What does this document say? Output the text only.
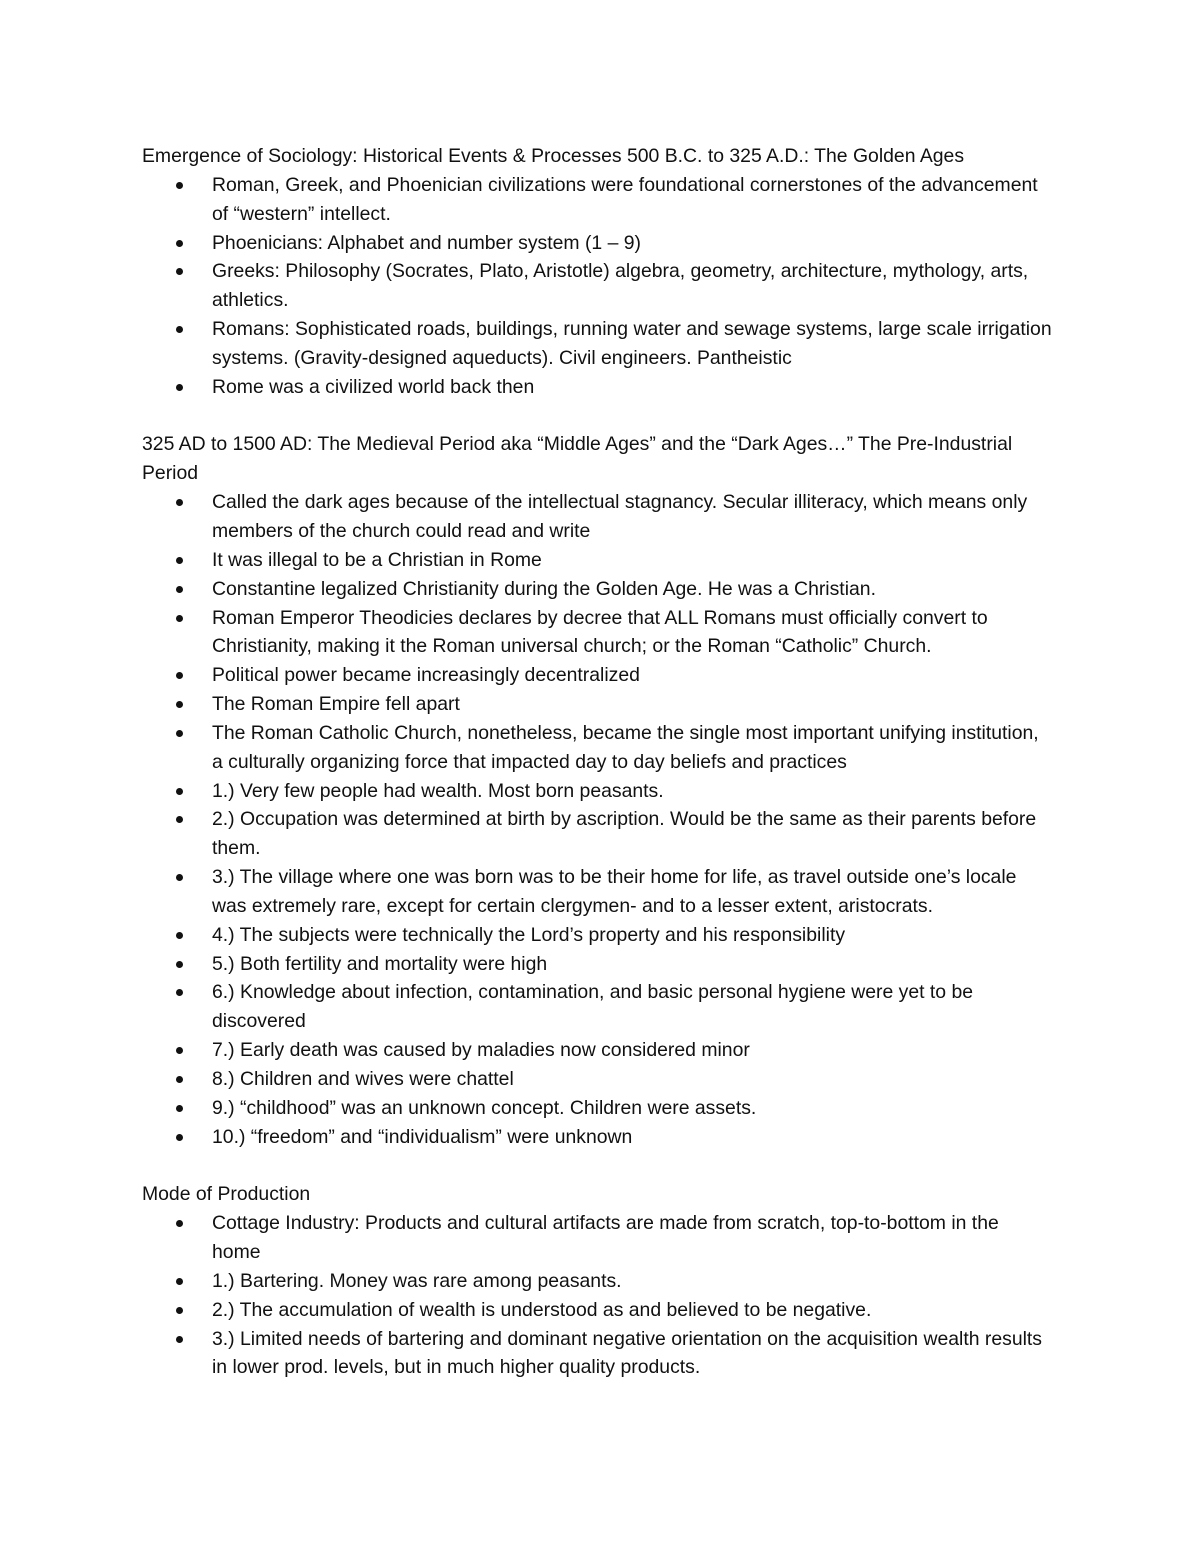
Emergence of Sociology: Historical Events & Processes 500 B.C. to 325 A.D.: The Golden Ages

Roman, Greek, and Phoenician civilizations were foundational cornerstones of the advancement of “western” intellect.
Phoenicians: Alphabet and number system (1 – 9)
Greeks: Philosophy (Socrates, Plato, Aristotle) algebra, geometry, architecture, mythology, arts, athletics.
Romans: Sophisticated roads, buildings, running water and sewage systems, large scale irrigation systems. (Gravity-designed aqueducts). Civil engineers. Pantheistic
Rome was a civilized world back then

325 AD to 1500 AD: The Medieval Period aka “Middle Ages” and the “Dark Ages…” The Pre-Industrial Period

Called the dark ages because of the intellectual stagnancy. Secular illiteracy, which means only members of the church could read and write
It was illegal to be a Christian in Rome
Constantine legalized Christianity during the Golden Age. He was a Christian.
Roman Emperor Theodicies declares by decree that ALL Romans must officially convert to Christianity, making it the Roman universal church; or the Roman “Catholic” Church.
Political power became increasingly decentralized
The Roman Empire fell apart
The Roman Catholic Church, nonetheless, became the single most important unifying institution, a culturally organizing force that impacted day to day beliefs and practices
1.) Very few people had wealth. Most born peasants.
2.) Occupation was determined at birth by ascription. Would be the same as their parents before them.
3.) The village where one was born was to be their home for life, as travel outside one’s locale was extremely rare, except for certain clergymen- and to a lesser extent, aristocrats.
4.) The subjects were technically the Lord’s property and his responsibility
5.) Both fertility and mortality were high
6.) Knowledge about infection, contamination, and basic personal hygiene were yet to be discovered
7.) Early death was caused by maladies now considered minor
8.) Children and wives were chattel
9.) “childhood” was an unknown concept. Children were assets.
10.) “freedom” and “individualism” were unknown

Mode of Production

Cottage Industry: Products and cultural artifacts are made from scratch, top-to-bottom in the home
1.) Bartering. Money was rare among peasants.
2.) The accumulation of wealth is understood as and believed to be negative.
3.) Limited needs of bartering and dominant negative orientation on the acquisition wealth results in lower prod. levels, but in much higher quality products.
